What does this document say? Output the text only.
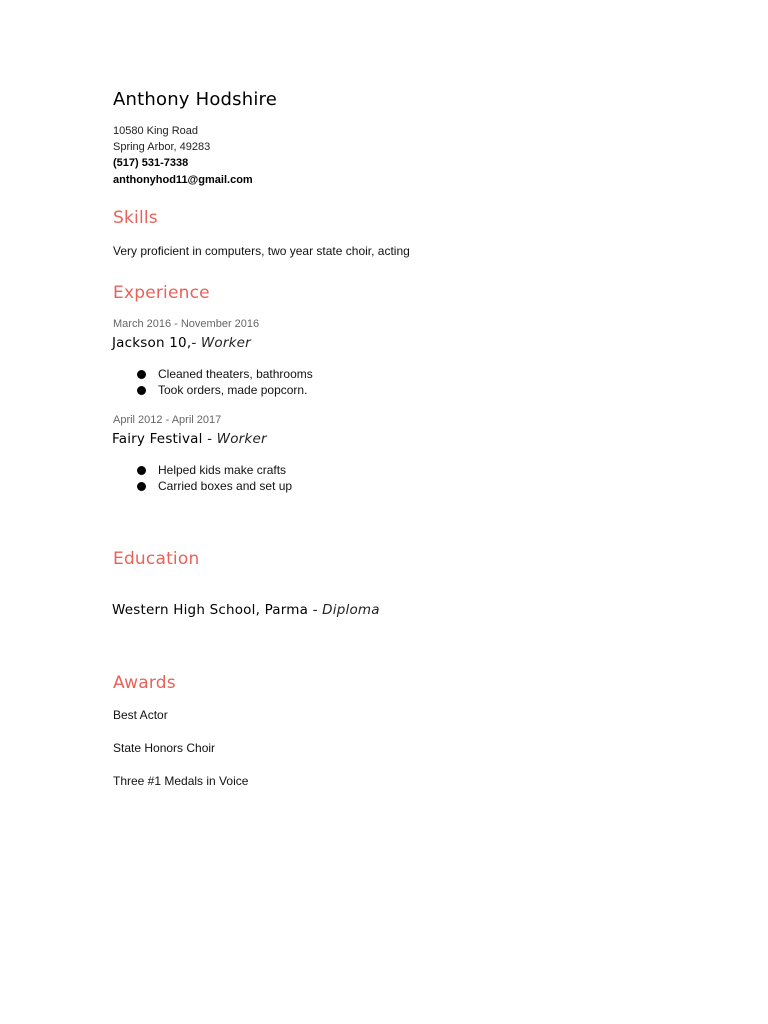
Anthony Hodshire
10580 King Road
Spring Arbor, 49283
(517) 531-7338
anthonyhod11@gmail.com
Skills
Very proficient in computers, two year state choir, acting
Experience
March 2016 - November 2016
Jackson 10,- Worker
Cleaned theaters, bathrooms
Took orders, made popcorn.
April 2012 - April 2017
Fairy Festival - Worker
Helped kids make crafts
Carried boxes and set up
Education
Western High School, Parma - Diploma
Awards
Best Actor
State Honors Choir
Three #1 Medals in Voice
